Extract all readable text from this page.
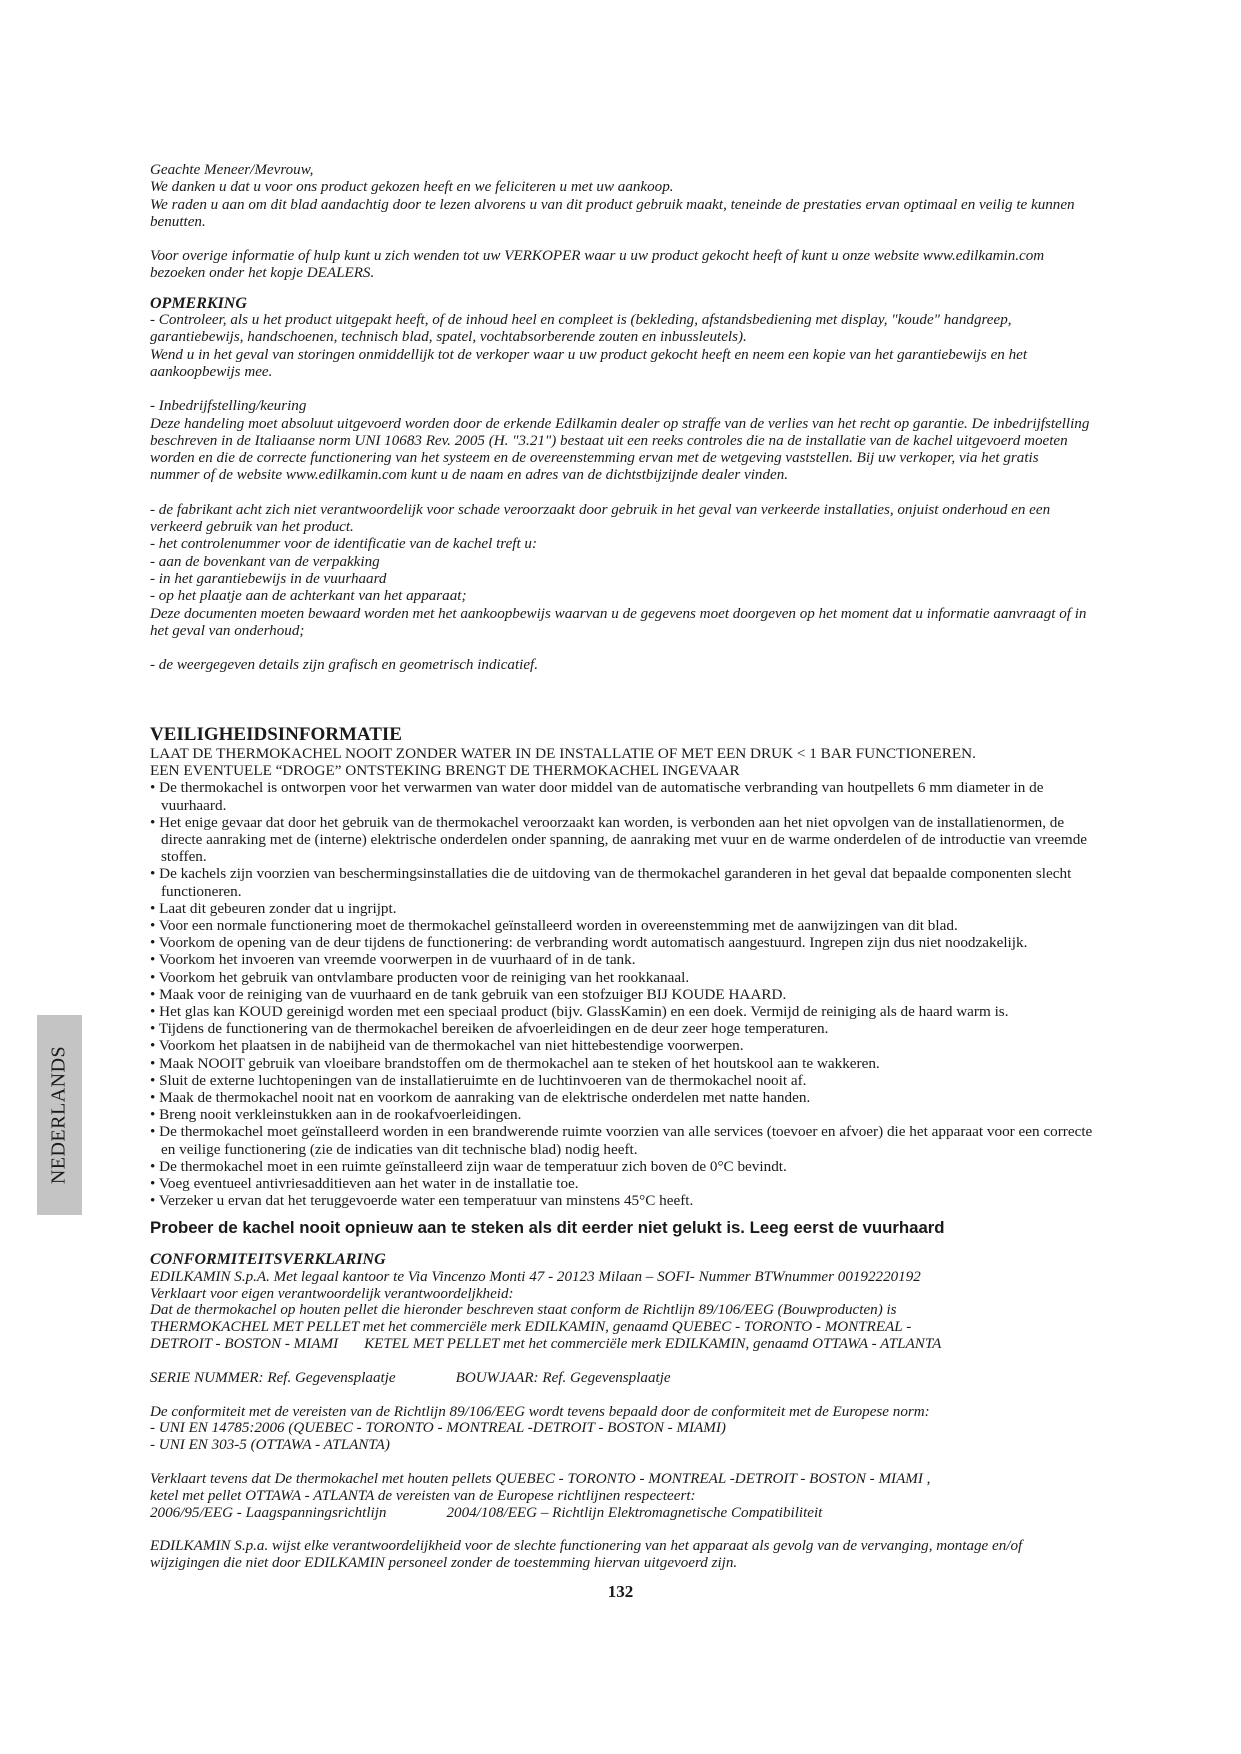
Geachte Meneer/Mevrouw,

We danken u dat u voor ons product gekozen heeft en we feliciteren u met uw aankoop.

We raden u aan om dit blad aandachtig door te lezen alvorens u van dit product gebruik maakt, teneinde de prestaties ervan optimaal en veilig te kunnen benutten.

Voor overige informatie of hulp kunt u zich wenden tot uw VERKOPER waar u uw product gekocht heeft of kunt u onze website www.edilkamin.com bezoeken onder het kopje DEALERS.

OPMERKING

- Controleer, als u het product uitgepakt heeft, of de inhoud heel en compleet is (bekleding, afstandsbediening met display, "koude" handgreep, garantiebewijs, handschoenen, technisch blad, spatel, vochtabsorberende zouten en inbussleutels).

Wend u in het geval van storingen onmiddellijk tot de verkoper waar u uw product gekocht heeft en neem een kopie van het garantiebewijs en het aankoopbewijs mee.

- Inbedrijfstelling/keuring

Deze handeling moet absoluut uitgevoerd worden door de erkende Edilkamin dealer op straffe van de verlies van het recht op garantie. De inbedrijfstelling beschreven in de Italiaanse norm UNI 10683 Rev. 2005 (H. "3.21") bestaat uit een reeks controles die na de installatie van de kachel uitgevoerd moeten worden en die de correcte functionering van het systeem en de overeenstemming ervan met de wetgeving vaststellen. Bij uw verkoper, via het gratis nummer of de website www.edilkamin.com kunt u de naam en adres van de dichtstbijzijnde dealer vinden.

- de fabrikant acht zich niet verantwoordelijk voor schade veroorzaakt door gebruik in het geval van verkeerde installaties, onjuist onderhoud en een verkeerd gebruik van het product.

- het controlenummer voor de identificatie van de kachel treft u:

- aan de bovenkant van de verpakking

- in het garantiebewijs in de vuurhaard

- op het plaatje aan de achterkant van het apparaat;

Deze documenten moeten bewaard worden met het aankoopbewijs waarvan u de gegevens moet doorgeven op het moment dat u informatie aanvraagt of in het geval van onderhoud;

- de weergegeven details zijn grafisch en geometrisch indicatief.

VEILIGHEIDSINFORMATIE

LAAT DE THERMOKACHEL NOOIT ZONDER WATER IN DE INSTALLATIE OF MET EEN DRUK < 1 BAR FUNCTIONEREN.

EEN EVENTUELE “DROGE” ONTSTEKING BRENGT DE THERMOKACHEL INGEVAAR

• De thermokachel is ontworpen voor het verwarmen van water door middel van de automatische verbranding van houtpellets 6 mm diameter in de vuurhaard.

• Het enige gevaar dat door het gebruik van de thermokachel veroorzaakt kan worden, is verbonden aan het niet opvolgen van de installatienormen, de directe aanraking met de (interne) elektrische onderdelen onder spanning, de aanraking met vuur en de warme onderdelen of de introductie van vreemde stoffen.

• De kachels zijn voorzien van beschermingsinstallaties die de uitdoving van de thermokachel garanderen in het geval dat bepaalde componenten slecht functioneren.

• Laat dit gebeuren zonder dat u ingrijpt.

• Voor een normale functionering moet de thermokachel geïnstalleerd worden in overeenstemming met de aanwijzingen van dit blad.

• Voorkom de opening van de deur tijdens de functionering: de verbranding wordt automatisch aangestuurd. Ingrepen zijn dus niet noodzakelijk.

• Voorkom het invoeren van vreemde voorwerpen in de vuurhaard of in de tank.

• Voorkom het gebruik van ontvlambare producten voor de reiniging van het rookkanaal.

• Maak voor de reiniging van de vuurhaard en de tank gebruik van een stofzuiger BIJ KOUDE HAARD.

• Het glas kan KOUD gereinigd worden met een speciaal product (bijv. GlassKamin) en een doek. Vermijd de reiniging als de haard warm is.

• Tijdens de functionering van de thermokachel bereiken de afvoerleidingen en de deur zeer hoge temperaturen.

• Voorkom het plaatsen in de nabijheid van de thermokachel van niet hittebestendige voorwerpen.

• Maak NOOIT gebruik van vloeibare brandstoffen om de thermokachel aan te steken of het houtskool aan te wakkeren.

• Sluit de externe luchtopeningen van de installatieruimte en de luchtinvoeren van de thermokachel nooit af.

• Maak de thermokachel nooit nat en voorkom de aanraking van de elektrische onderdelen met natte handen.

• Breng nooit verkleinstukken aan in de rookafvoerleidingen.

• De thermokachel moet geïnstalleerd worden in een brandwerende ruimte voorzien van alle services (toevoer en afvoer) die het apparaat voor een correcte en veilige functionering (zie de indicaties van dit technische blad) nodig heeft.

• De thermokachel moet in een ruimte geïnstalleerd zijn waar de temperatuur zich boven de 0°C bevindt.

• Voeg eventueel antivriesadditieven aan het water in de installatie toe.

• Verzeker u ervan dat het teruggevoerde water een temperatuur van minstens 45°C heeft.

Probeer de kachel nooit opnieuw aan te steken als dit eerder niet gelukt is. Leeg eerst de vuurhaard

CONFORMITEITSVERKLARING

EDILKAMIN S.p.A. Met legaal kantoor te Via Vincenzo Monti 47 - 20123 Milaan – SOFI- Nummer BTWnummer 00192220192

Verklaart voor eigen verantwoordelijk verantwoordeljkheid:

Dat de thermokachel op houten pellet die hieronder beschreven staat conform de Richtlijn 89/106/EEG (Bouwproducten) is

THERMOKACHEL MET PELLET met het commerciële merk EDILKAMIN, genaamd QUEBEC - TORONTO - MONTREAL -

DETROIT - BOSTON - MIAMI KETEL MET PELLET met het commerciële merk EDILKAMIN, genaamd OTTAWA - ATLANTA

SERIE NUMMER: Ref. Gegevensplaatje	BOUWJAAR: Ref. Gegevensplaatje

De conformiteit met de vereisten van de Richtlijn 89/106/EEG wordt tevens bepaald door de conformiteit met de Europese norm:

- UNI EN 14785:2006 (QUEBEC - TORONTO - MONTREAL -DETROIT - BOSTON - MIAMI)

- UNI EN 303-5 (OTTAWA - ATLANTA)

Verklaart tevens dat De thermokachel met houten pellets QUEBEC - TORONTO - MONTREAL -DETROIT - BOSTON - MIAMI ,

ketel met pellet OTTAWA - ATLANTA de vereisten van de Europese richtlijnen respecteert:

2006/95/EEG - Laagspanningsrichtlijn	2004/108/EEG – Richtlijn Elektromagnetische Compatibiliteit

EDILKAMIN S.p.a. wijst elke verantwoordelijkheid voor de slechte functionering van het apparaat als gevolg van de vervanging, montage en/of wijzigingen die niet door EDILKAMIN personeel zonder de toestemming hiervan uitgevoerd zijn.

NEDERLANDS
132
